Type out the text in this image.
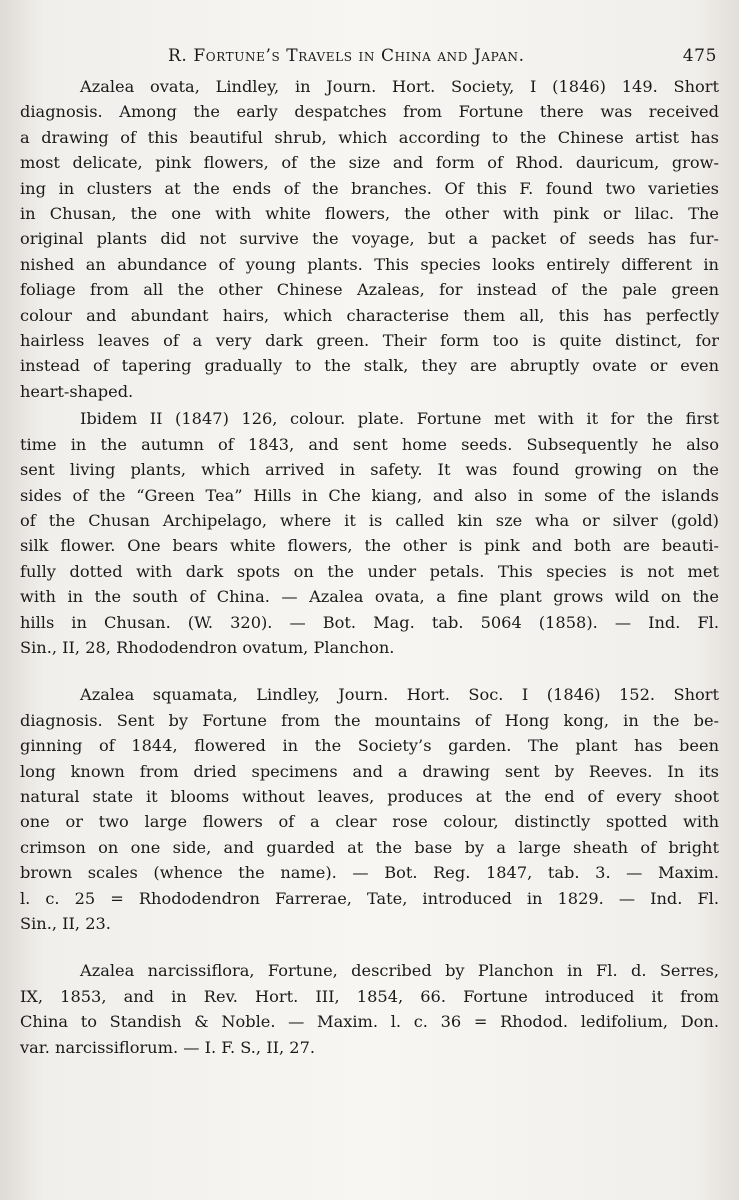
R. Fortune’s Travels in China and Japan.	475

Azalea ovata, Lindley, in Journ. Hort. Society, I (1846) 149. Short
diagnosis. Among the early despatches from Fortune there was received
a drawing of this beautiful shrub, which according to the Chinese artist has
most delicate, pink flowers, of the size and form of Rhod. dauricum, grow-
ing in clusters at the ends of the branches. Of this F. found two varieties
in Chusan, the one with white flowers, the other with pink or lilac. The
original plants did not survive the voyage, but a packet of seeds has fur-
nished an abundance of young plants. This species looks entirely different in
foliage from all the other Chinese Azaleas, for instead of the pale green
colour and abundant hairs, which characterise them all, this has perfectly
hairless leaves of a very dark green. Their form too is quite distinct, for
instead of tapering gradually to the stalk, they are abruptly ovate or even
heart-shaped.

Ibidem II (1847) 126, colour. plate. Fortune met with it for the first
time in the autumn of 1843, and sent home seeds. Subsequently he also
sent living plants, which arrived in safety. It was found growing on the
sides of the “Green Tea” Hills in Che kiang, and also in some of the islands
of the Chusan Archipelago, where it is called kin sze wha or silver (gold)
silk flower. One bears white flowers, the other is pink and both are beauti-
fully dotted with dark spots on the under petals. This species is not met
with in the south of China. — Azalea ovata, a fine plant grows wild on the
hills in Chusan. (W. 320). — Bot. Mag. tab. 5064 (1858). — Ind. Fl.
Sin., II, 28, Rhododendron ovatum, Planchon.

Azalea squamata, Lindley, Journ. Hort. Soc. I (1846) 152. Short
diagnosis. Sent by Fortune from the mountains of Hong kong, in the be-
ginning of 1844, flowered in the Society’s garden. The plant has been
long known from dried specimens and a drawing sent by Reeves. In its
natural state it blooms without leaves, produces at the end of every shoot
one or two large flowers of a clear rose colour, distinctly spotted with
crimson on one side, and guarded at the base by a large sheath of bright
brown scales (whence the name). — Bot. Reg. 1847, tab. 3. — Maxim.
l. c. 25 = Rhododendron Farrerae, Tate, introduced in 1829. — Ind. Fl.
Sin., II, 23.

Azalea narcissiflora, Fortune, described by Planchon in Fl. d. Serres,
IX, 1853, and in Rev. Hort. III, 1854, 66. Fortune introduced it from
China to Standish & Noble. — Maxim. l. c. 36 = Rhodod. ledifolium, Don.
var. narcissiflorum. — I. F. S., II, 27.
